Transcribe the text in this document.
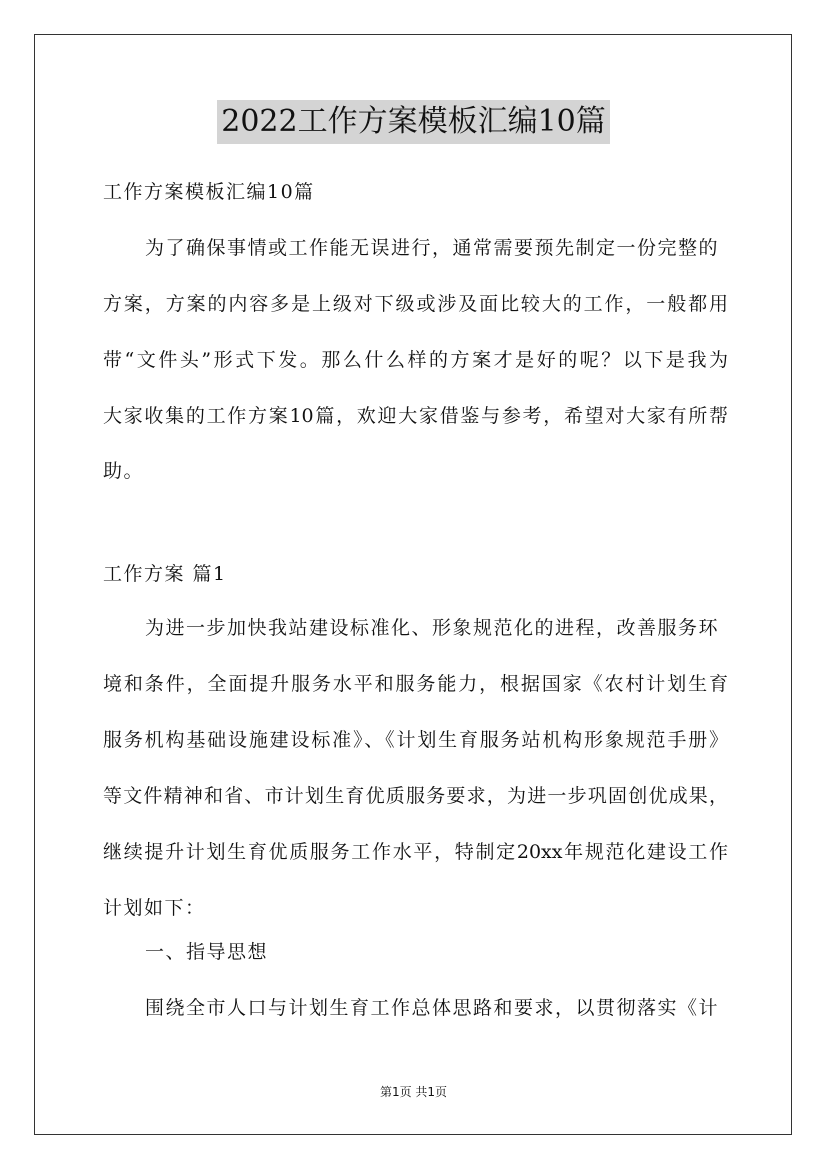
2022工作方案模板汇编10篇
工作方案模板汇编10篇
为了确保事情或工作能无误进行，通常需要预先制定一份完整的
方案，方案的内容多是上级对下级或涉及面比较大的工作，一般都用
带“文件头”形式下发。那么什么样的方案才是好的呢？以下是我为
大家收集的工作方案10篇，欢迎大家借鉴与参考，希望对大家有所帮
助。
工作方案 篇1
为进一步加快我站建设标准化、形象规范化的进程，改善服务环
境和条件，全面提升服务水平和服务能力，根据国家《农村计划生育
服务机构基础设施建设标准》、《计划生育服务站机构形象规范手册》
等文件精神和省、市计划生育优质服务要求，为进一步巩固创优成果，
继续提升计划生育优质服务工作水平，特制定20xx年规范化建设工作
计划如下：
一、指导思想
围绕全市人口与计划生育工作总体思路和要求，以贯彻落实《计
第1页 共1页
